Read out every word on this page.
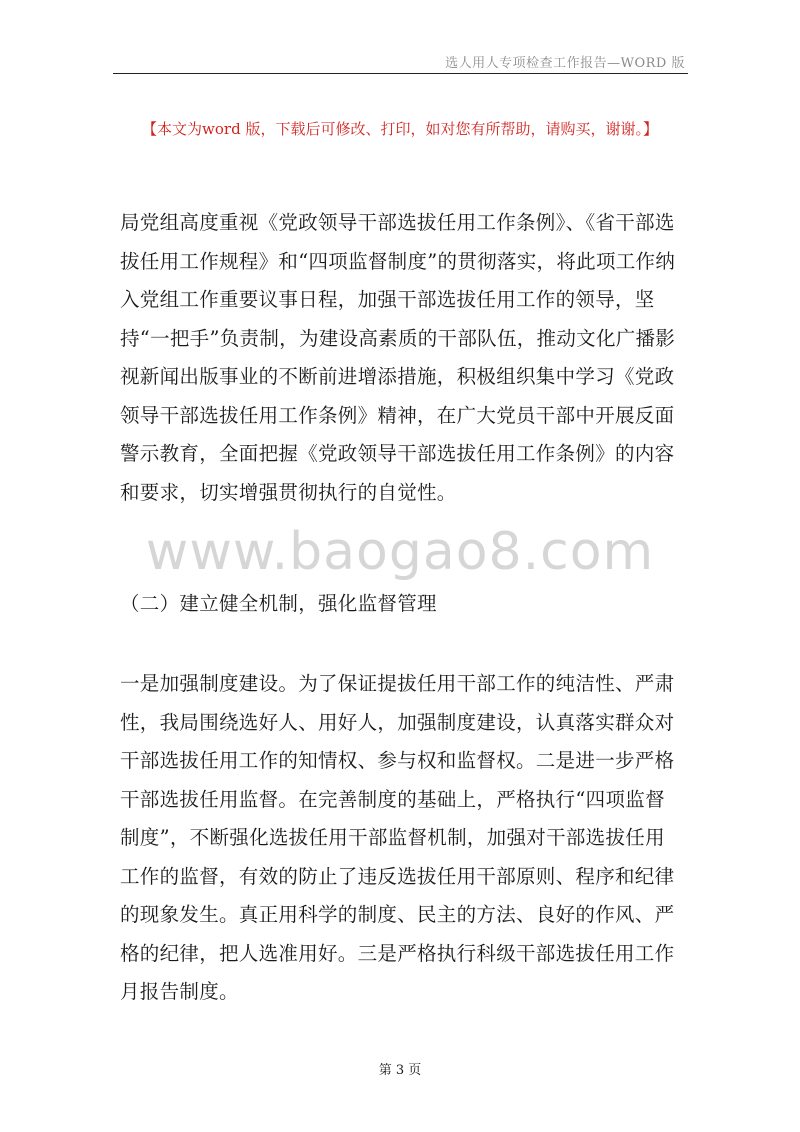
选人用人专项检查工作报告—WORD 版
【本文为word 版，下载后可修改、打印，如对您有所帮助，请购买，谢谢。】

局党组高度重视《党政领导干部选拔任用工作条例》、《省干部选拔任用工作规程》和“四项监督制度”的贯彻落实，将此项工作纳入党组工作重要议事日程，加强干部选拔任用工作的领导，坚持“一把手”负责制，为建设高素质的干部队伍，推动文化广播影视新闻出版事业的不断前进增添措施，积极组织集中学习《党政领导干部选拔任用工作条例》精神，在广大党员干部中开展反面警示教育，全面把握《党政领导干部选拔任用工作条例》的内容和要求，切实增强贯彻执行的自觉性。

www.baogao8.com

（二）建立健全机制，强化监督管理

一是加强制度建设。为了保证提拔任用干部工作的纯洁性、严肃性，我局围绕选好人、用好人，加强制度建设，认真落实群众对干部选拔任用工作的知情权、参与权和监督权。二是进一步严格干部选拔任用监督。在完善制度的基础上，严格执行“四项监督制度”，不断强化选拔任用干部监督机制，加强对干部选拔任用工作的监督，有效的防止了违反选拔任用干部原则、程序和纪律的现象发生。真正用科学的制度、民主的方法、良好的作风、严格的纪律，把人选准用好。三是严格执行科级干部选拔任用工作月报告制度。

第 3 页
